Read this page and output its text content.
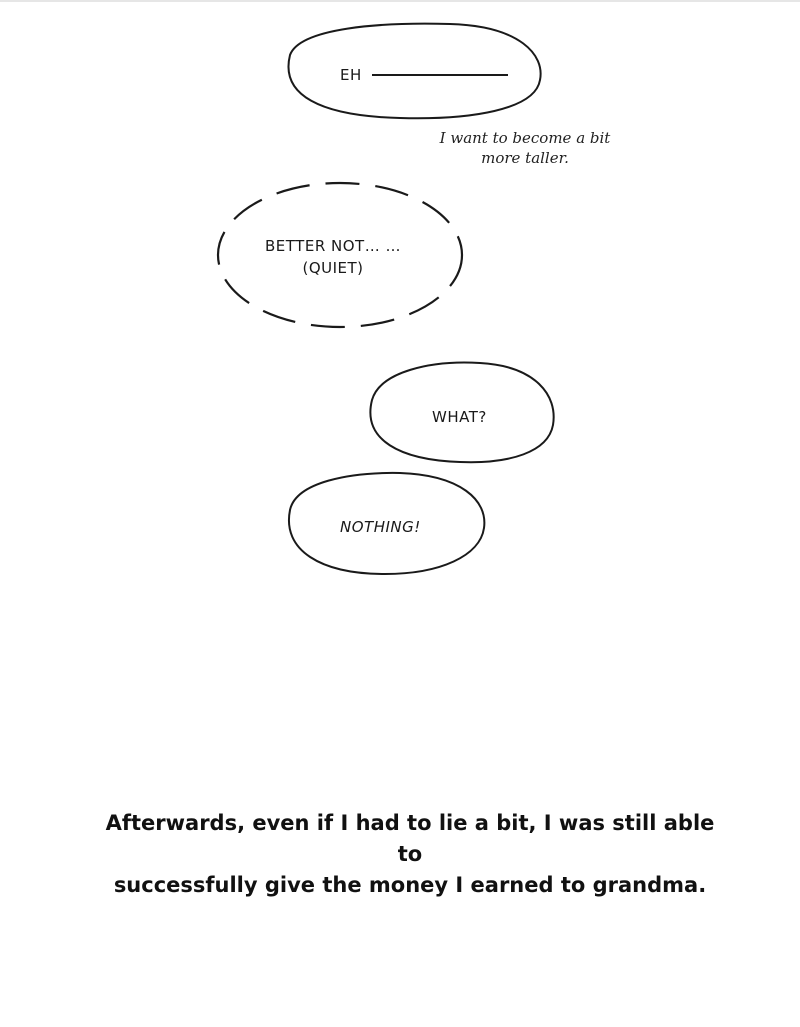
EH
I want to become a bit
more taller.
BETTER NOT… …
(QUIET)
WHAT?
NOTHING!
Afterwards, even if I had to lie a bit, I was still able to
successfully give the money I earned to grandma.
